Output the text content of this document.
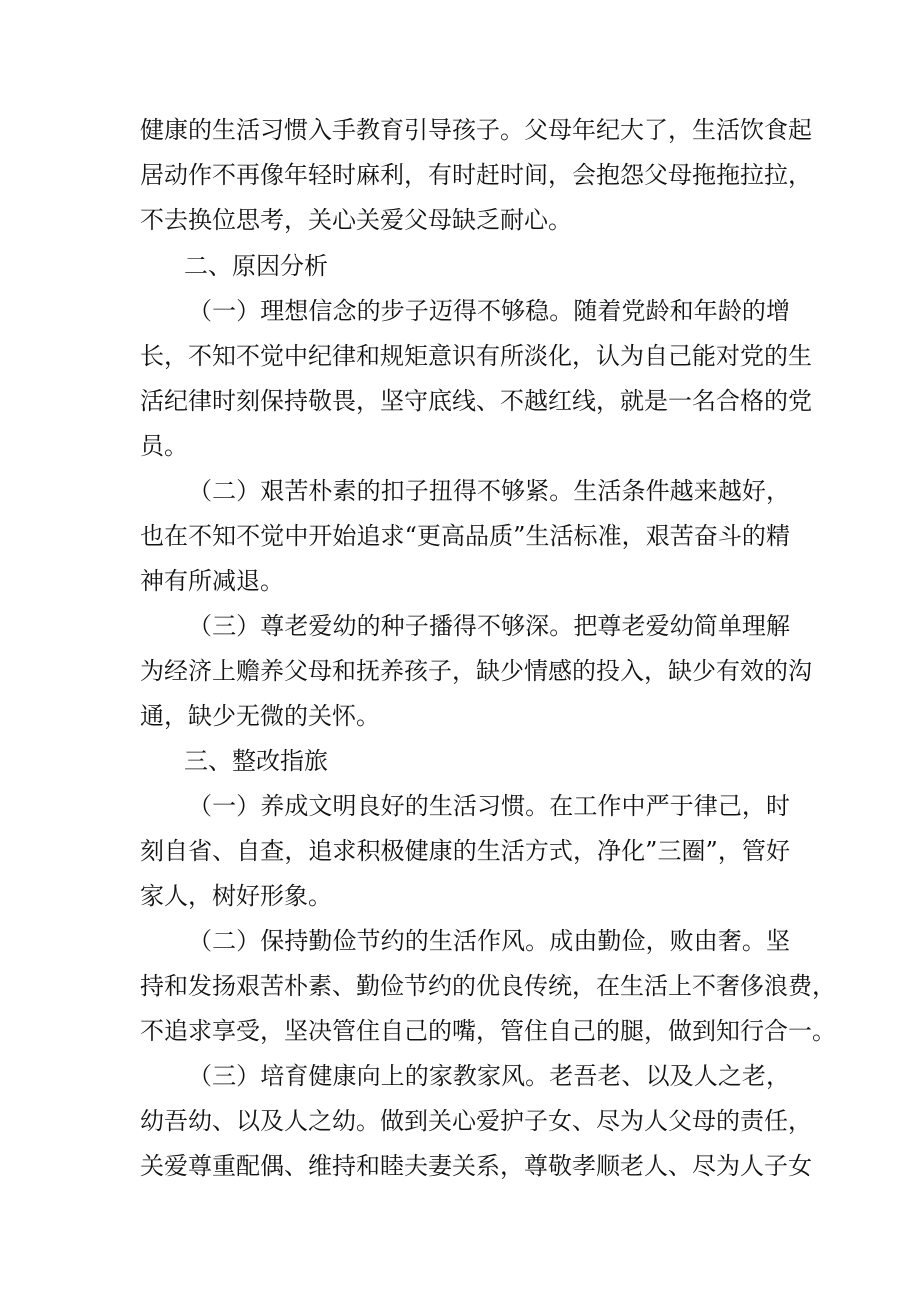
健康的生活习惯入手教育引导孩子。父母年纪大了，生活饮食起
居动作不再像年轻时麻利，有时赶时间，会抱怨父母拖拖拉拉，
不去换位思考，关心关爱父母缺乏耐心。
二、原因分析
（一）理想信念的步子迈得不够稳。随着党龄和年龄的增
长，不知不觉中纪律和规矩意识有所淡化，认为自己能对党的生
活纪律时刻保持敬畏，坚守底线、不越红线，就是一名合格的党
员。
（二）艰苦朴素的扣子扭得不够紧。生活条件越来越好，
也在不知不觉中开始追求“更高品质”生活标准，艰苦奋斗的精
神有所减退。
（三）尊老爱幼的种子播得不够深。把尊老爱幼简单理解
为经济上赡养父母和抚养孩子，缺少情感的投入，缺少有效的沟
通，缺少无微的关怀。
三、整改指旅
（一）养成文明良好的生活习惯。在工作中严于律己，时
刻自省、自查，追求积极健康的生活方式，净化”三圈”，管好
家人，树好形象。
（二）保持勤俭节约的生活作风。成由勤俭，败由奢。坚
持和发扬艰苦朴素、勤俭节约的优良传统，在生活上不奢侈浪费，
不追求享受，坚决管住自己的嘴，管住自己的腿，做到知行合一。
（三）培育健康向上的家教家风。老吾老、以及人之老，
幼吾幼、以及人之幼。做到关心爱护子女、尽为人父母的责任，
关爱尊重配偶、维持和睦夫妻关系，尊敬孝顺老人、尽为人子女
